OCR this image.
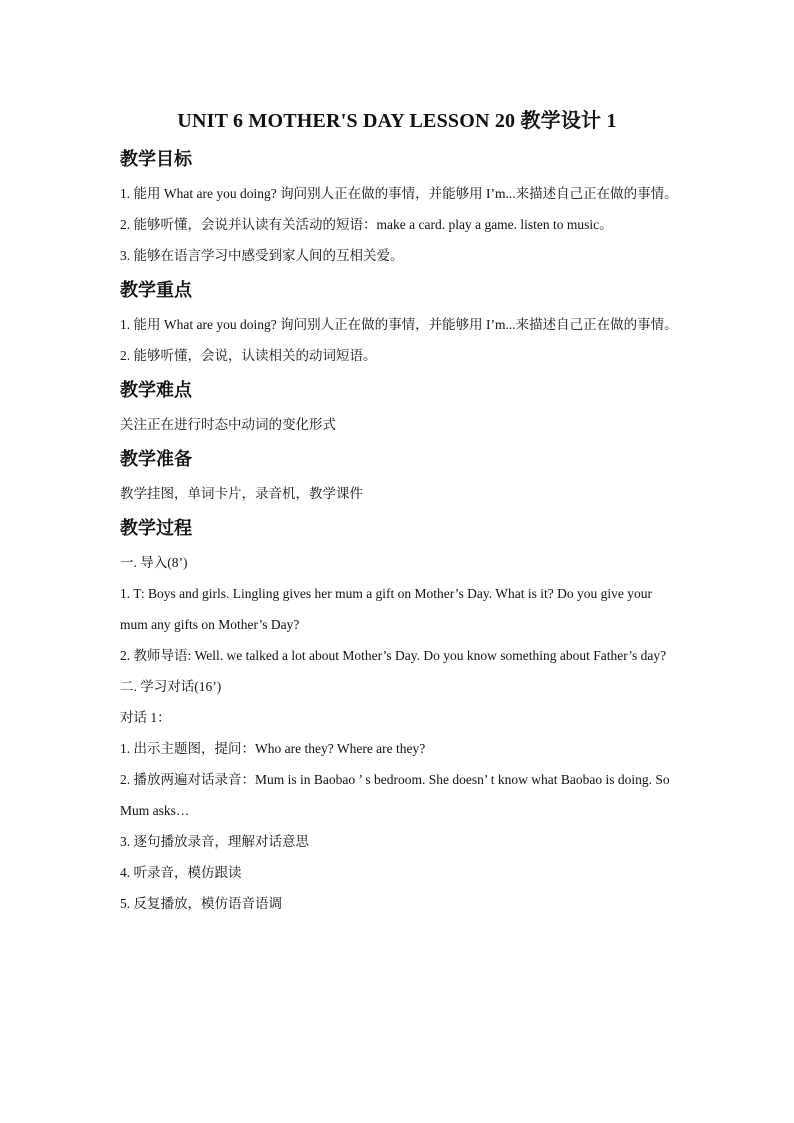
UNIT 6 MOTHER'S DAY LESSON 20 教学设计 1
教学目标

1. 能用 What are you doing? 询问别人正在做的事情，并能够用 I’m...来描述自己正在做的事情。

2. 能够听懂，会说并认读有关活动的短语：make a card. play a game. listen to music。

3. 能够在语言学习中感受到家人间的互相关爱。

教学重点

1. 能用 What are you doing? 询问别人正在做的事情，并能够用 I’m...来描述自己正在做的事情。

2. 能够听懂，会说，认读相关的动词短语。

教学难点

关注正在进行时态中动词的变化形式

教学准备

教学挂图，单词卡片，录音机，教学课件

教学过程

一. 导入(8’)

1. T: Boys and girls. Lingling gives her mum a gift on Mother’s Day. What is it? Do you give your mum any gifts on Mother’s Day?

2. 教师导语: Well. we talked a lot about Mother’s Day. Do you know something about Father’s day?

二. 学习对话(16’)

对话 1：

1. 出示主题图，提问：Who are they? Where are they?

2. 播放两遍对话录音：Mum is in Baobao ’ s bedroom. She doesn’ t know what Baobao is doing. So Mum asks…

3. 逐句播放录音，理解对话意思

4. 听录音，模仿跟读

5. 反复播放，模仿语音语调
